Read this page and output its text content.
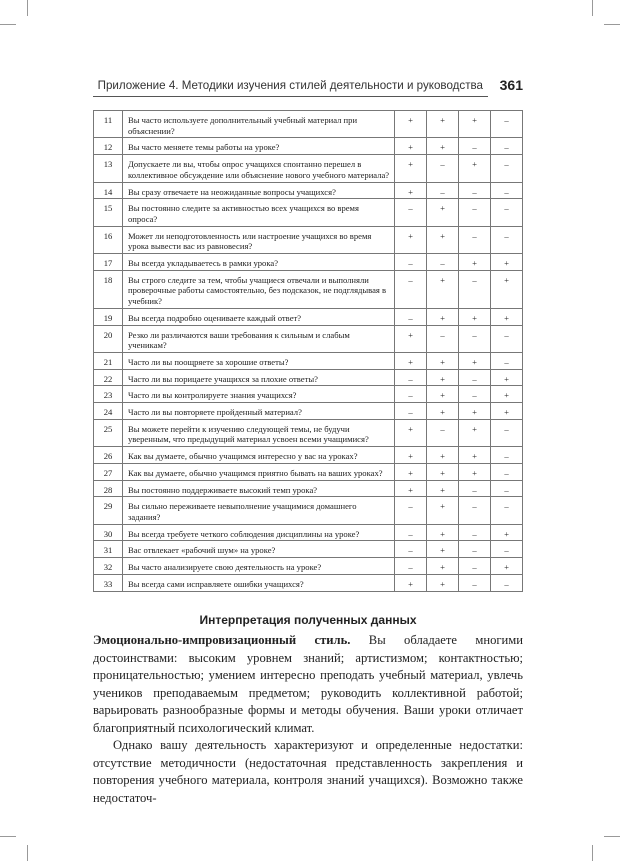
Приложение 4. Методики изучения стилей деятельности и руководства 361
11	Вы часто используете дополнительный учебный материал при объяснении?	+	+	+	–
12	Вы часто меняете темы работы на уроке?	+	+	–	–
13	Допускаете ли вы, чтобы опрос учащихся спонтанно перешел в коллективное обсуждение или объяснение нового учебного материала?	+	–	+	–
14	Вы сразу отвечаете на неожиданные вопросы учащихся?	+	–	–	–
15	Вы постоянно следите за активностью всех учащихся во время опроса?	–	+	–	–
16	Может ли неподготовленность или настроение учащихся во время урока вывести вас из равновесия?	+	+	–	–
17	Вы всегда укладываетесь в рамки урока?	–	–	+	+
18	Вы строго следите за тем, чтобы учащиеся отвечали и выполняли проверочные работы самостоятельно, без подсказок, не подглядывая в учебник?	–	+	–	+
19	Вы всегда подробно оцениваете каждый ответ?	–	+	+	+
20	Резко ли различаются ваши требования к сильным и слабым ученикам?	+	–	–	–
21	Часто ли вы поощряете за хорошие ответы?	+	+	+	–
22	Часто ли вы порицаете учащихся за плохие ответы?	–	+	–	+
23	Часто ли вы контролируете знания учащихся?	–	+	–	+
24	Часто ли вы повторяете пройденный материал?	–	+	+	+
25	Вы можете перейти к изучению следующей темы, не будучи уверенным, что предыдущий материал усвоен всеми учащимися?	+	–	+	–
26	Как вы думаете, обычно учащимся интересно у вас на уроках?	+	+	+	–
27	Как вы думаете, обычно учащимся приятно бывать на ваших уроках?	+	+	+	–
28	Вы постоянно поддерживаете высокий темп урока?	+	+	–	–
29	Вы сильно переживаете невыполнение учащимися домашнего задания?	–	+	–	–
30	Вы всегда требуете четкого соблюдения дисциплины на уроке?	–	+	–	+
31	Вас отвлекает «рабочий шум» на уроке?	–	+	–	–
32	Вы часто анализируете свою деятельность на уроке?	–	+	–	+
33	Вы всегда сами исправляете ошибки учащихся?	+	+	–	–
Интерпретация полученных данных

Эмоционально-импровизационный стиль. Вы обладаете многими достоинствами: высоким уровнем знаний; артистизмом; контактностью; проницательностью; умением интересно преподать учебный материал, увлечь учеников преподаваемым предметом; руководить коллективной работой; варьировать разнообразные формы и методы обучения. Ваши уроки отличает благоприятный психологический климат.

Однако вашу деятельность характеризуют и определенные недостатки: отсутствие методичности (недостаточная представленность закрепления и повторения учебного материала, контроля знаний учащихся). Возможно также недостаточ-
